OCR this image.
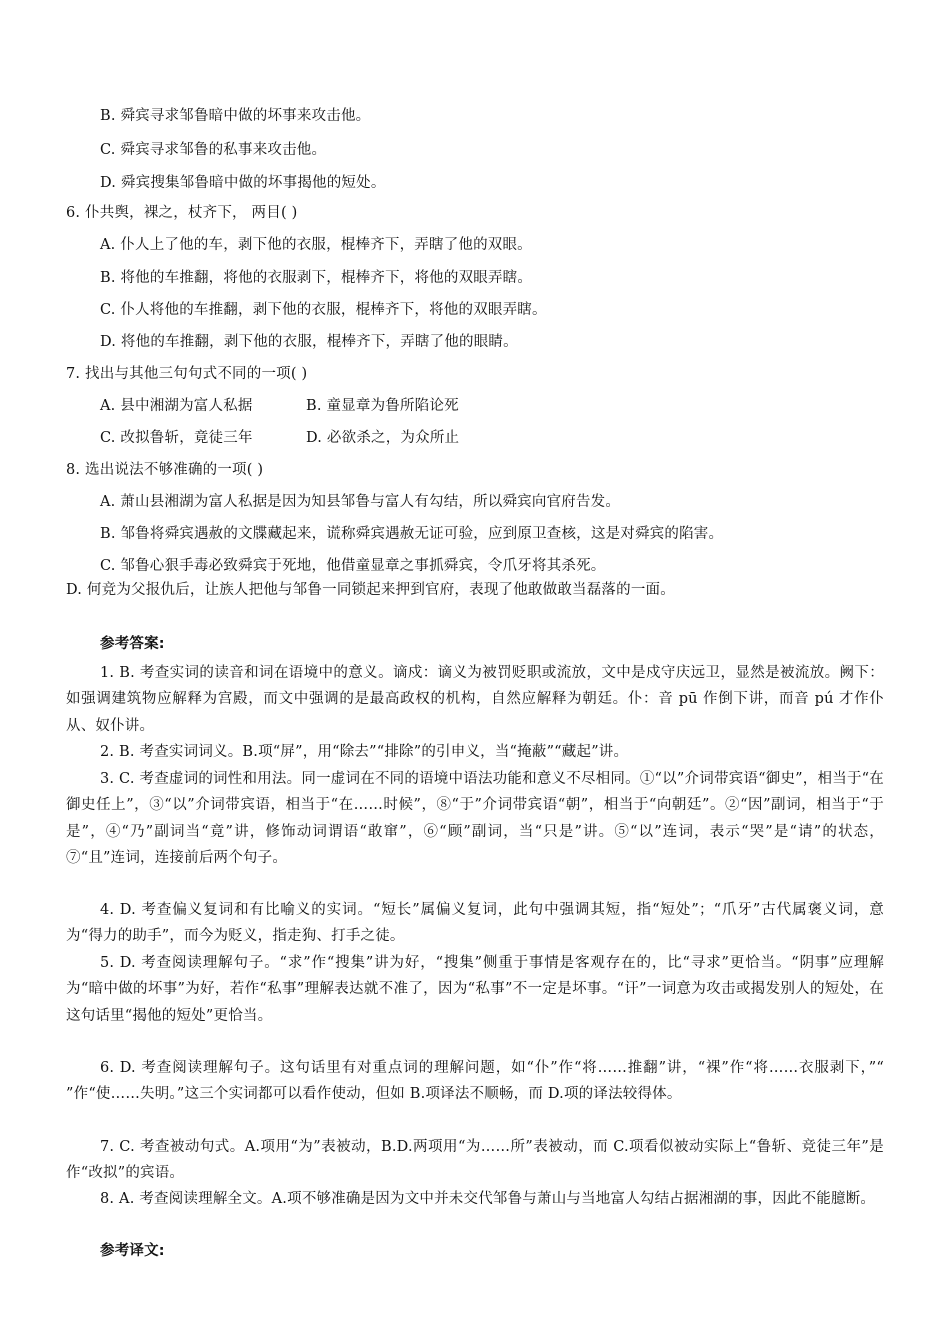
B. 舜宾寻求邹鲁暗中做的坏事来攻击他。
C. 舜宾寻求邹鲁的私事来攻击他。
D. 舜宾搜集邹鲁暗中做的坏事揭他的短处。
6. 仆共舆，裸之，杖齐下， 两目( )
A. 仆人上了他的车，剥下他的衣服，棍棒齐下，弄瞎了他的双眼。
B. 将他的车推翻，将他的衣服剥下，棍棒齐下，将他的双眼弄瞎。
C. 仆人将他的车推翻，剥下他的衣服，棍棒齐下，将他的双眼弄瞎。
D. 将他的车推翻，剥下他的衣服，棍棒齐下，弄瞎了他的眼睛。
7. 找出与其他三句句式不同的一项( )
A. 县中湘湖为富人私据	B. 童显章为鲁所陷论死
C. 改拟鲁斩，竟徒三年	D. 必欲杀之，为众所止
8. 选出说法不够准确的一项( )
A. 萧山县湘湖为富人私据是因为知县邹鲁与富人有勾结，所以舜宾向官府告发。
B. 邹鲁将舜宾遇赦的文牒藏起来，谎称舜宾遇赦无证可验，应到原卫查核，这是对舜宾的陷害。
C. 邹鲁心狠手毒必致舜宾于死地，他借童显章之事抓舜宾，令爪牙将其杀死。
D. 何竞为父报仇后，让族人把他与邹鲁一同锁起来押到官府，表现了他敢做敢当磊落的一面。
参考答案:
1. B. 考查实词的读音和词在语境中的意义。谪戍：谪义为被罚贬职或流放，文中是戍守庆远卫，显然是被流放。阙下：如强调建筑物应解释为宫殿，而文中强调的是最高政权的机构，自然应解释为朝廷。仆：音 pū 作倒下讲，而音 pú 才作仆从、奴仆讲。
2. B. 考查实词词义。B.项“屏”，用“除去”“排除”的引申义，当“掩蔽”“藏起”讲。
3. C. 考查虚词的词性和用法。同一虚词在不同的语境中语法功能和意义不尽相同。①“以”介词带宾语“御史”，相当于“在御史任上”，③“以”介词带宾语，相当于“在……时候”，⑧“于”介词带宾语“朝”，相当于“向朝廷”。②“因”副词，相当于“于是”，④“乃”副词当“竟”讲，修饰动词谓语“敢窜”，⑥“顾”副词，当“只是”讲。⑤“以”连词，表示“哭”是“请”的状态，⑦“且”连词，连接前后两个句子。
4. D. 考查偏义复词和有比喻义的实词。“短长”属偏义复词，此句中强调其短，指“短处”；“爪牙”古代属褒义词，意为“得力的助手”，而今为贬义，指走狗、打手之徒。
5. D. 考查阅读理解句子。“求”作“搜集”讲为好，“搜集”侧重于事情是客观存在的，比“寻求”更恰当。“阴事”应理解为“暗中做的坏事”为好，若作“私事”理解表达就不准了，因为“私事”不一定是坏事。“讦”一词意为攻击或揭发别人的短处，在这句话里“揭他的短处”更恰当。
6. D. 考查阅读理解句子。这句话里有对重点词的理解问题，如“仆”作“将……推翻”讲，“裸”作“将……衣服剥下，”“ ”作“使……失明。”这三个实词都可以看作使动，但如 B.项译法不顺畅，而 D.项的译法较得体。
7. C. 考查被动句式。A.项用“为”表被动，B.D.两项用“为……所”表被动，而 C.项看似被动实际上“鲁斩、竞徒三年”是作“改拟”的宾语。
8. A. 考查阅读理解全文。A.项不够准确是因为文中并未交代邹鲁与萧山与当地富人勾结占据湘湖的事，因此不能臆断。
参考译文:
